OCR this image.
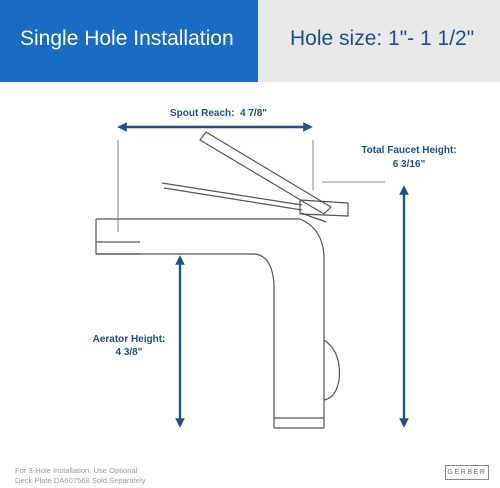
Single Hole Installation	Hole size: 1"- 1 1/2"
Spout Reach: 4 7/8"
Total Faucet Height:
6 3/16"
Aerator Height:
4 3/8"
For 3-Hole Installation, Use Optional
Deck Plate DA607568 Sold Separately
GERBER
